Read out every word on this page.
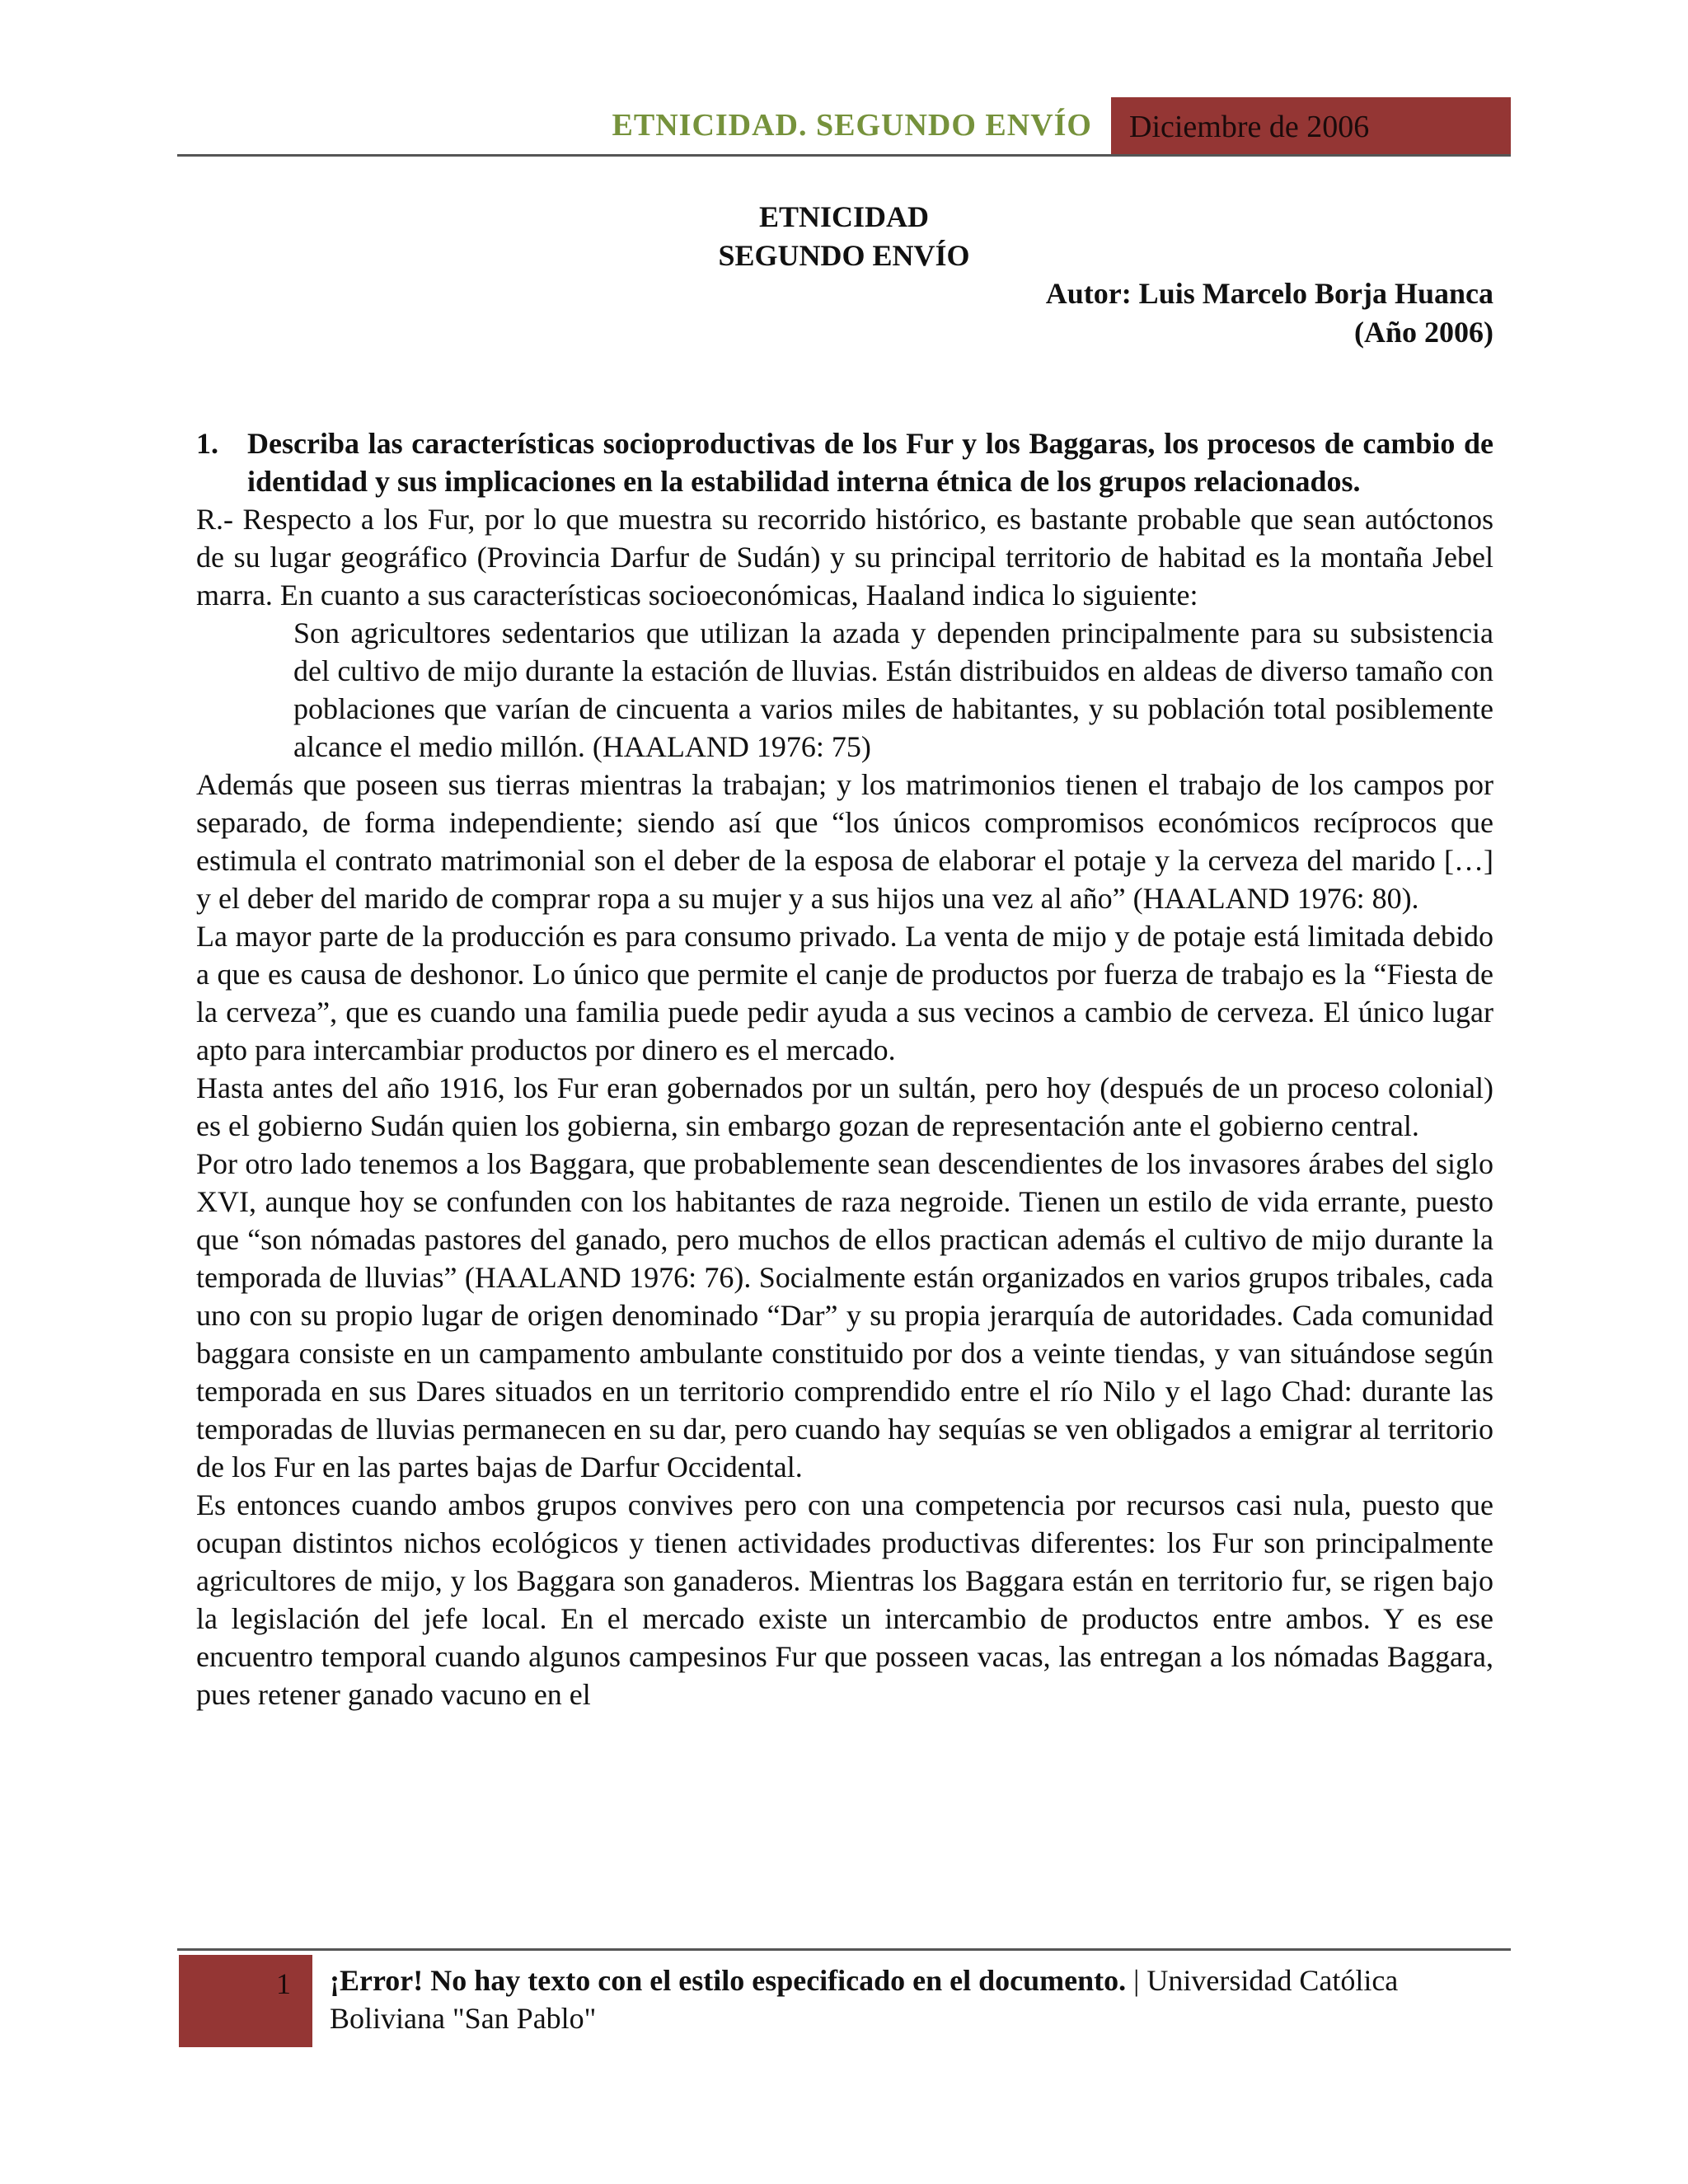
ETNICIDAD. SEGUNDO ENVÍO	Diciembre de 2006
ETNICIDAD
SEGUNDO ENVÍO
Autor: Luis Marcelo Borja Huanca
(Año 2006)
1. Describa las características socioproductivas de los Fur y los Baggaras, los procesos de cambio de identidad y sus implicaciones en la estabilidad interna étnica de los grupos relacionados.

R.- Respecto a los Fur, por lo que muestra su recorrido histórico, es bastante probable que sean autóctonos de su lugar geográfico (Provincia Darfur de Sudán) y su principal territorio de habitad es la montaña Jebel marra. En cuanto a sus características socioeconómicas, Haaland indica lo siguiente:

Son agricultores sedentarios que utilizan la azada y dependen principalmente para su subsistencia del cultivo de mijo durante la estación de lluvias. Están distribuidos en aldeas de diverso tamaño con poblaciones que varían de cincuenta a varios miles de habitantes, y su población total posiblemente alcance el medio millón. (HAALAND 1976: 75)

Además que poseen sus tierras mientras la trabajan; y los matrimonios tienen el trabajo de los campos por separado, de forma independiente; siendo así que “los únicos compromisos económicos recíprocos que estimula el contrato matrimonial son el deber de la esposa de elaborar el potaje y la cerveza del marido […] y el deber del marido de comprar ropa a su mujer y a sus hijos una vez al año” (HAALAND 1976: 80).

La mayor parte de la producción es para consumo privado. La venta de mijo y de potaje está limitada debido a que es causa de deshonor. Lo único que permite el canje de productos por fuerza de trabajo es la “Fiesta de la cerveza”, que es cuando una familia puede pedir ayuda a sus vecinos a cambio de cerveza. El único lugar apto para intercambiar productos por dinero es el mercado.

Hasta antes del año 1916, los Fur eran gobernados por un sultán, pero hoy (después de un proceso colonial) es el gobierno Sudán quien los gobierna, sin embargo gozan de representación ante el gobierno central.

Por otro lado tenemos a los Baggara, que probablemente sean descendientes de los invasores árabes del siglo XVI, aunque hoy se confunden con los habitantes de raza negroide. Tienen un estilo de vida errante, puesto que “son nómadas pastores del ganado, pero muchos de ellos practican además el cultivo de mijo durante la temporada de lluvias” (HAALAND 1976: 76). Socialmente están organizados en varios grupos tribales, cada uno con su propio lugar de origen denominado “Dar” y su propia jerarquía de autoridades. Cada comunidad baggara consiste en un campamento ambulante constituido por dos a veinte tiendas, y van situándose según temporada en sus Dares situados en un territorio comprendido entre el río Nilo y el lago Chad: durante las temporadas de lluvias permanecen en su dar, pero cuando hay sequías se ven obligados a emigrar al territorio de los Fur en las partes bajas de Darfur Occidental.

Es entonces cuando ambos grupos convives pero con una competencia por recursos casi nula, puesto que ocupan distintos nichos ecológicos y tienen actividades productivas diferentes: los Fur son principalmente agricultores de mijo, y los Baggara son ganaderos. Mientras los Baggara están en territorio fur, se rigen bajo la legislación del jefe local. En el mercado existe un intercambio de productos entre ambos. Y es ese encuentro temporal cuando algunos campesinos Fur que posseen vacas, las entregan a los nómadas Baggara, pues retener ganado vacuno en el

1	¡Error! No hay texto con el estilo especificado en el documento. | Universidad Católica Boliviana "San Pablo"
